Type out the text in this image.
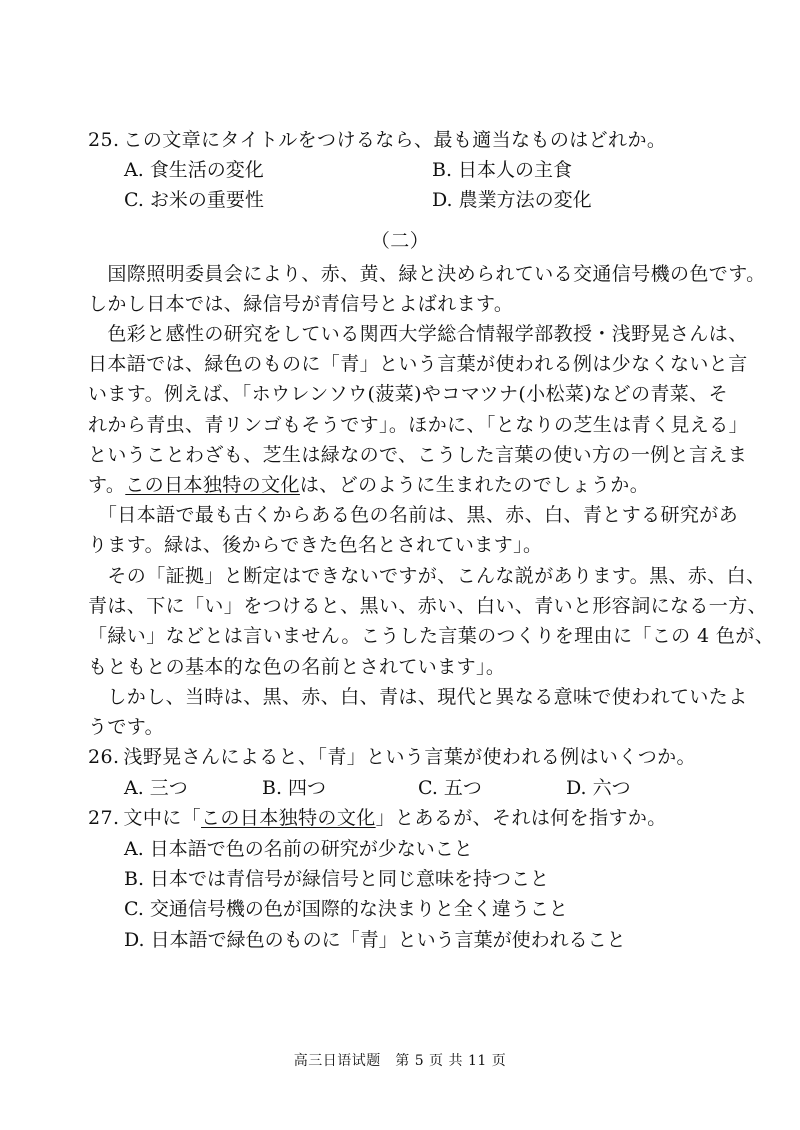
25. この文章にタイトルをつけるなら、最も適当なものはどれか。
A. 食生活の変化	B. 日本人の主食
C. お米の重要性	D. 農業方法の変化
（二）
　国際照明委員会により、赤、黄、緑と決められている交通信号機の色です。
しかし日本では、緑信号が青信号とよばれます。
　色彩と感性の研究をしている関西大学総合情報学部教授・浅野晃さんは、
日本語では、緑色のものに「青」という言葉が使われる例は少なくないと言
います。例えば、「ホウレンソウ(菠菜)やコマツナ(小松菜)などの青菜、そ
れから青虫、青リンゴもそうです」。ほかに、「となりの芝生は青く見える」
ということわざも、芝生は緑なので、こうした言葉の使い方の一例と言えま
す。この日本独特の文化は、どのように生まれたのでしょうか。
　「日本語で最も古くからある色の名前は、黒、赤、白、青とする研究があ
ります。緑は、後からできた色名とされています」。
　その「証拠」と断定はできないですが、こんな説があります。黒、赤、白、
青は、下に「い」をつけると、黒い、赤い、白い、青いと形容詞になる一方、
「緑い」などとは言いません。こうした言葉のつくりを理由に「この 4 色が、
もともとの基本的な色の名前とされています」。
　しかし、当時は、黒、赤、白、青は、現代と異なる意味で使われていたよ
うです。
26. 浅野晃さんによると、「青」という言葉が使われる例はいくつか。
A. 三つ	B. 四つ	C. 五つ	D. 六つ
27. 文中に「この日本独特の文化」とあるが、それは何を指すか。
A. 日本語で色の名前の研究が少ないこと
B. 日本では青信号が緑信号と同じ意味を持つこと
C. 交通信号機の色が国際的な決まりと全く違うこと
D. 日本語で緑色のものに「青」という言葉が使われること
高三日语试题　第 5 页 共 11 页
